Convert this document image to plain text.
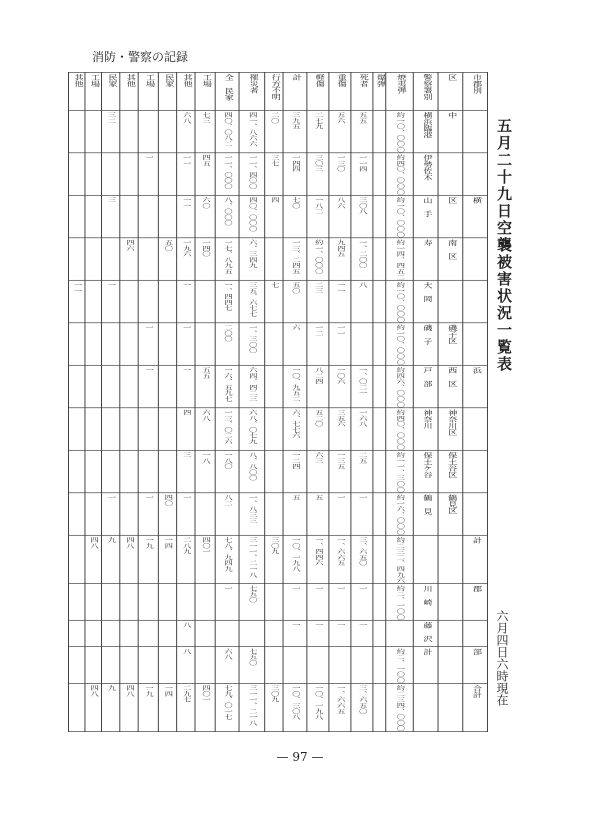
消防・警察の記録
其他	工場	民家	其他	工場	民家	其他	工場	全 民家	罹災者	行方不明	計	軽傷	重傷	死者	爆弾	焼夷弾	警察署別	区	市郡別

		三二				六八	七三	四〇、〇八二	四一、八六六	二〇	三九五	二七九	五六	五五		約一〇、〇〇〇	横浜臨港	中	

				一		一一	四五	一一、〇〇〇	一一、四〇〇	三七	一四四	三〇三	一三〇	一一四		約四〇、〇〇〇	伊勢佐木		

		三				一一	六〇	八、〇〇〇	四〇、〇〇〇	四	七〇	一八二	八六	三〇八		約一〇、〇〇〇	山 手	区	横

			四六		五〇	一九六	一四〇	一七、八九五	六、三四九		一三、二四五	約一、〇〇〇	九四五	一、二〇〇		約一四、四五二	寿	南 区	

一一		一				一		一、四四七	三五、六七七	七	五〇	二三	一一	八		約一〇、〇〇〇	大 岡		

				一		一		二〇〇	一、三〇〇		六	一二	一一			約一〇、〇〇〇	磯 子	磯子区	

				一		一	五五	一六、五九七	六四、四二三		一〇、九五二	八二四	一〇六	一、〇二一		約四六、〇〇〇	戸 部	西 区	浜

						四	六八	一三、〇二六	六八、〇七九		六、七七六	五二〇	三五六	一六八		約四〇、〇〇〇	神奈川	神奈川区	

						三	一八	一八〇	八、八〇〇		一二四	六三	一三五	二五		約一一、三〇〇	保土ケ谷	保土谷区	

		一		一	四〇	一		八二	一、八三三		五	五	一	一		約一六、〇〇〇	鶴 見	鶴見区	

	四八	九	四八	一九	一四	二八九	四〇一	七八、九四九	三一一、二一八	三〇九	一〇、一九八	一、四四六	一、六六五	三、六五〇		約二三二、四九六			計

								一	七五〇		一	一	一	一		約二、一〇〇	川 崎		郡

						八					一	一	一	一			藤 沢		

						八		六八	七五〇							約二、一〇〇	計		部

	四八	九	四八	一九	一四	二九七	四〇一	七九、〇一七	三一一、二一八	三〇九	一〇、三〇八	一〇、一九八	一、六六五	三、六五〇		約二三四、〇〇〇			合計
五月二十九日空襲被害状況一覧表
六月四日六時現在
— 97 —
